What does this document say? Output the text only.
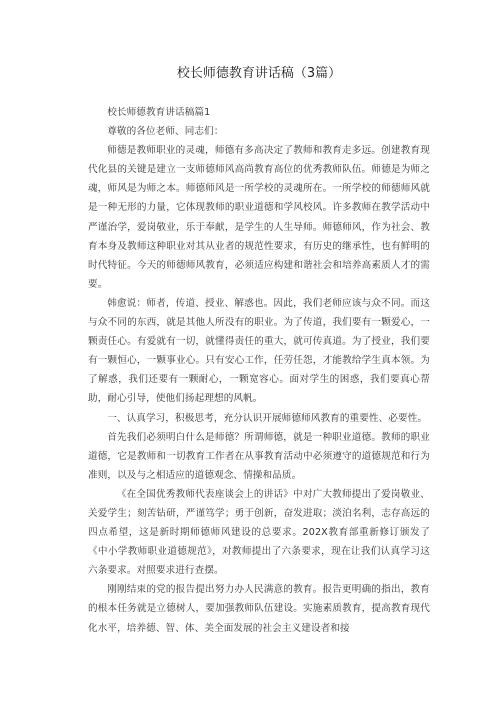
校长师德教育讲话稿（3篇）

校长师德教育讲话稿篇1

尊敬的各位老师、同志们：

师德是教师职业的灵魂，师德有多高决定了教师和教育走多远。创建教育现代化县的关键是建立一支师德师风高尚教育高位的优秀教师队伍。师德是为师之魂，师风是为师之本。师德师风是一所学校的灵魂所在。一所学校的师德师风就是一种无形的力量，它体现教师的职业道德和学风校风。许多教师在教学活动中严谨治学，爱岗敬业，乐于奉献，是学生的人生导师。师德师风，作为社会、教育本身及教师这种职业对其从业者的规范性要求，有历史的继承性，也有鲜明的时代特征。今天的师德师风教育，必须适应构建和谐社会和培养高素质人才的需要。

韩愈说：师者，传道、授业、解惑也。因此，我们老师应该与众不同。而这与众不同的东西，就是其他人所没有的职业。为了传道，我们要有一颗爱心，一颗责任心。有爱就有一切，就懂得责任的重大，就可传真道。为了授业，我们要有一颗恒心，一颗事业心。只有安心工作，任劳任怨，才能教给学生真本领。为了解惑，我们还要有一颗耐心，一颗宽容心。面对学生的困惑，我们要真心帮助，耐心引导，使他们扬起理想的风帆。

一、认真学习，积极思考，充分认识开展师德师风教育的重要性、必要性。

首先我们必须明白什么是师德？所谓师德，就是一种职业道德。教师的职业道德，它是教师和一切教育工作者在从事教育活动中必须遵守的道德规范和行为准则，以及与之相适应的道德观念、情操和品质。

《在全国优秀教师代表座谈会上的讲话》中对广大教师提出了爱岗敬业、关爱学生；刻苦钻研，严谨笃学；勇于创新，奋发进取；淡泊名利，志存高远的四点希望，这是新时期师德师风建设的总要求。202X教育部重新修订颁发了《中小学教师职业道德规范》，对教师提出了六条要求，现在让我们认真学习这六条要求。对照要求进行查摆。

刚刚结束的党的报告提出努力办人民满意的教育。报告更明确的指出，教育的根本任务就是立德树人，要加强教师队伍建设。实施素质教育，提高教育现代化水平，培养德、智、体、美全面发展的社会主义建设者和接
